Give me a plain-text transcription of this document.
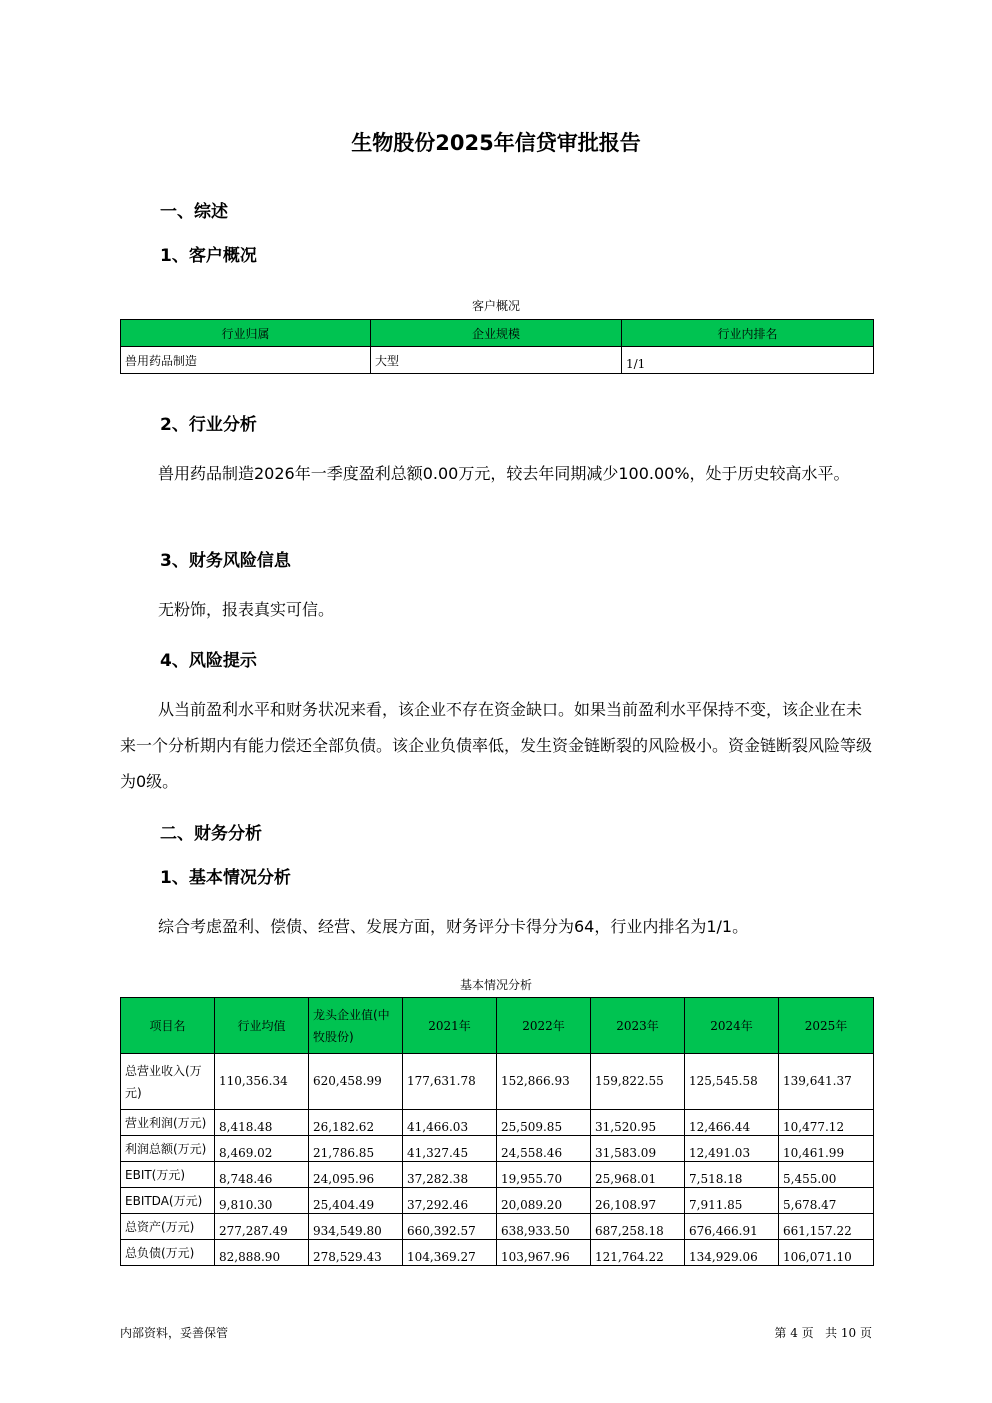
生物股份2025年信贷审批报告
一、综述
1、客户概况
客户概况
行业归属	企业规模	行业内排名
兽用药品制造	大型	1/1
2、行业分析
兽用药品制造2026年一季度盈利总额0.00万元，较去年同期减少100.00%，处于历史较高水平。
3、财务风险信息
无粉饰，报表真实可信。
4、风险提示
从当前盈利水平和财务状况来看，该企业不存在资金缺口。如果当前盈利水平保持不变，该企业在未来一个分析期内有能力偿还全部负债。该企业负债率低，发生资金链断裂的风险极小。资金链断裂风险等级为0级。
二、财务分析
1、基本情况分析
综合考虑盈利、偿债、经营、发展方面，财务评分卡得分为64，行业内排名为1/1。
基本情况分析
项目名	行业均值	龙头企业值(中牧股份)	2021年	2022年	2023年	2024年	2025年
总营业收入(万元)	110,356.34	620,458.99	177,631.78	152,866.93	159,822.55	125,545.58	139,641.37
营业利润(万元)	8,418.48	26,182.62	41,466.03	25,509.85	31,520.95	12,466.44	10,477.12
利润总额(万元)	8,469.02	21,786.85	41,327.45	24,558.46	31,583.09	12,491.03	10,461.99
EBIT(万元)	8,748.46	24,095.96	37,282.38	19,955.70	25,968.01	7,518.18	5,455.00
EBITDA(万元)	9,810.30	25,404.49	37,292.46	20,089.20	26,108.97	7,911.85	5,678.47
总资产(万元)	277,287.49	934,549.80	660,392.57	638,933.50	687,258.18	676,466.91	661,157.22
总负债(万元)	82,888.90	278,529.43	104,369.27	103,967.96	121,764.22	134,929.06	106,071.10
内部资料，妥善保管	第 4 页   共 10 页
